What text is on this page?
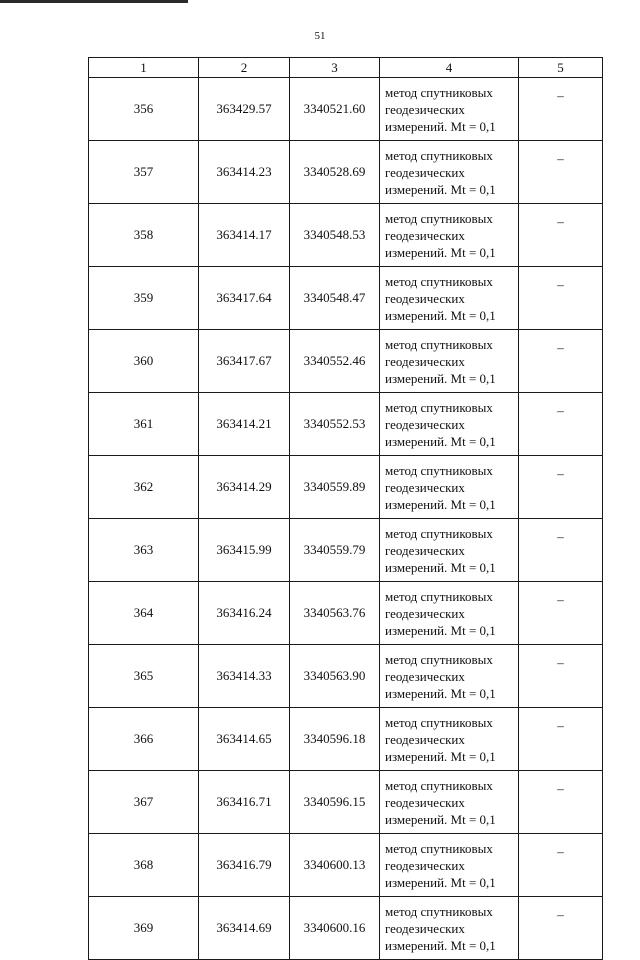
51
1	2	3	4	5
356	363429.57	3340521.60	метод спутниковых
геодезических
измерений. Mt = 0,1	–
357	363414.23	3340528.69	метод спутниковых
геодезических
измерений. Mt = 0,1	–
358	363414.17	3340548.53	метод спутниковых
геодезических
измерений. Mt = 0,1	–
359	363417.64	3340548.47	метод спутниковых
геодезических
измерений. Mt = 0,1	–
360	363417.67	3340552.46	метод спутниковых
геодезических
измерений. Mt = 0,1	–
361	363414.21	3340552.53	метод спутниковых
геодезических
измерений. Mt = 0,1	–
362	363414.29	3340559.89	метод спутниковых
геодезических
измерений. Mt = 0,1	–
363	363415.99	3340559.79	метод спутниковых
геодезических
измерений. Mt = 0,1	–
364	363416.24	3340563.76	метод спутниковых
геодезических
измерений. Mt = 0,1	–
365	363414.33	3340563.90	метод спутниковых
геодезических
измерений. Mt = 0,1	–
366	363414.65	3340596.18	метод спутниковых
геодезических
измерений. Mt = 0,1	–
367	363416.71	3340596.15	метод спутниковых
геодезических
измерений. Mt = 0,1	–
368	363416.79	3340600.13	метод спутниковых
геодезических
измерений. Mt = 0,1	–
369	363414.69	3340600.16	метод спутниковых
геодезических
измерений. Mt = 0,1	–
